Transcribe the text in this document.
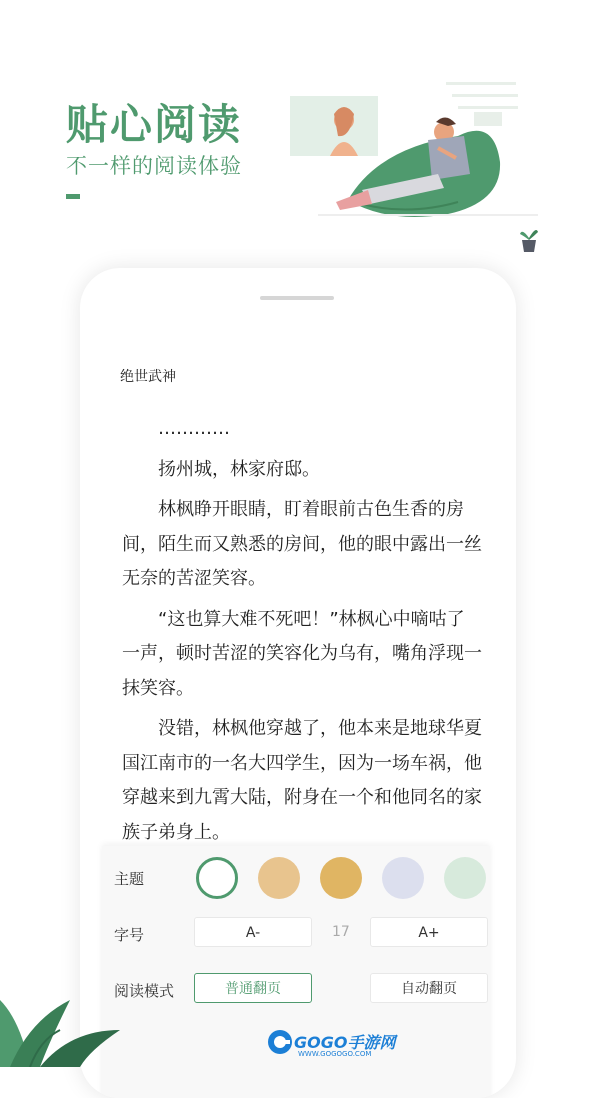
贴心阅读
不一样的阅读体验
绝世武神

…………

扬州城，林家府邸。

林枫睁开眼睛，盯着眼前古色生香的房间，陌生而又熟悉的房间，他的眼中露出一丝无奈的苦涩笑容。

“这也算大难不死吧！”林枫心中嘀咕了一声，顿时苦涩的笑容化为乌有，嘴角浮现一抹笑容。

没错，林枫他穿越了，他本来是地球华夏国江南市的一名大四学生，因为一场车祸，他穿越来到九霄大陆，附身在一个和他同名的家族子弟身上。

主题
字号	A-	17	A+
阅读模式	普通翻页	自动翻页
GOGO手游网
WWW.GOGOGO.COM
